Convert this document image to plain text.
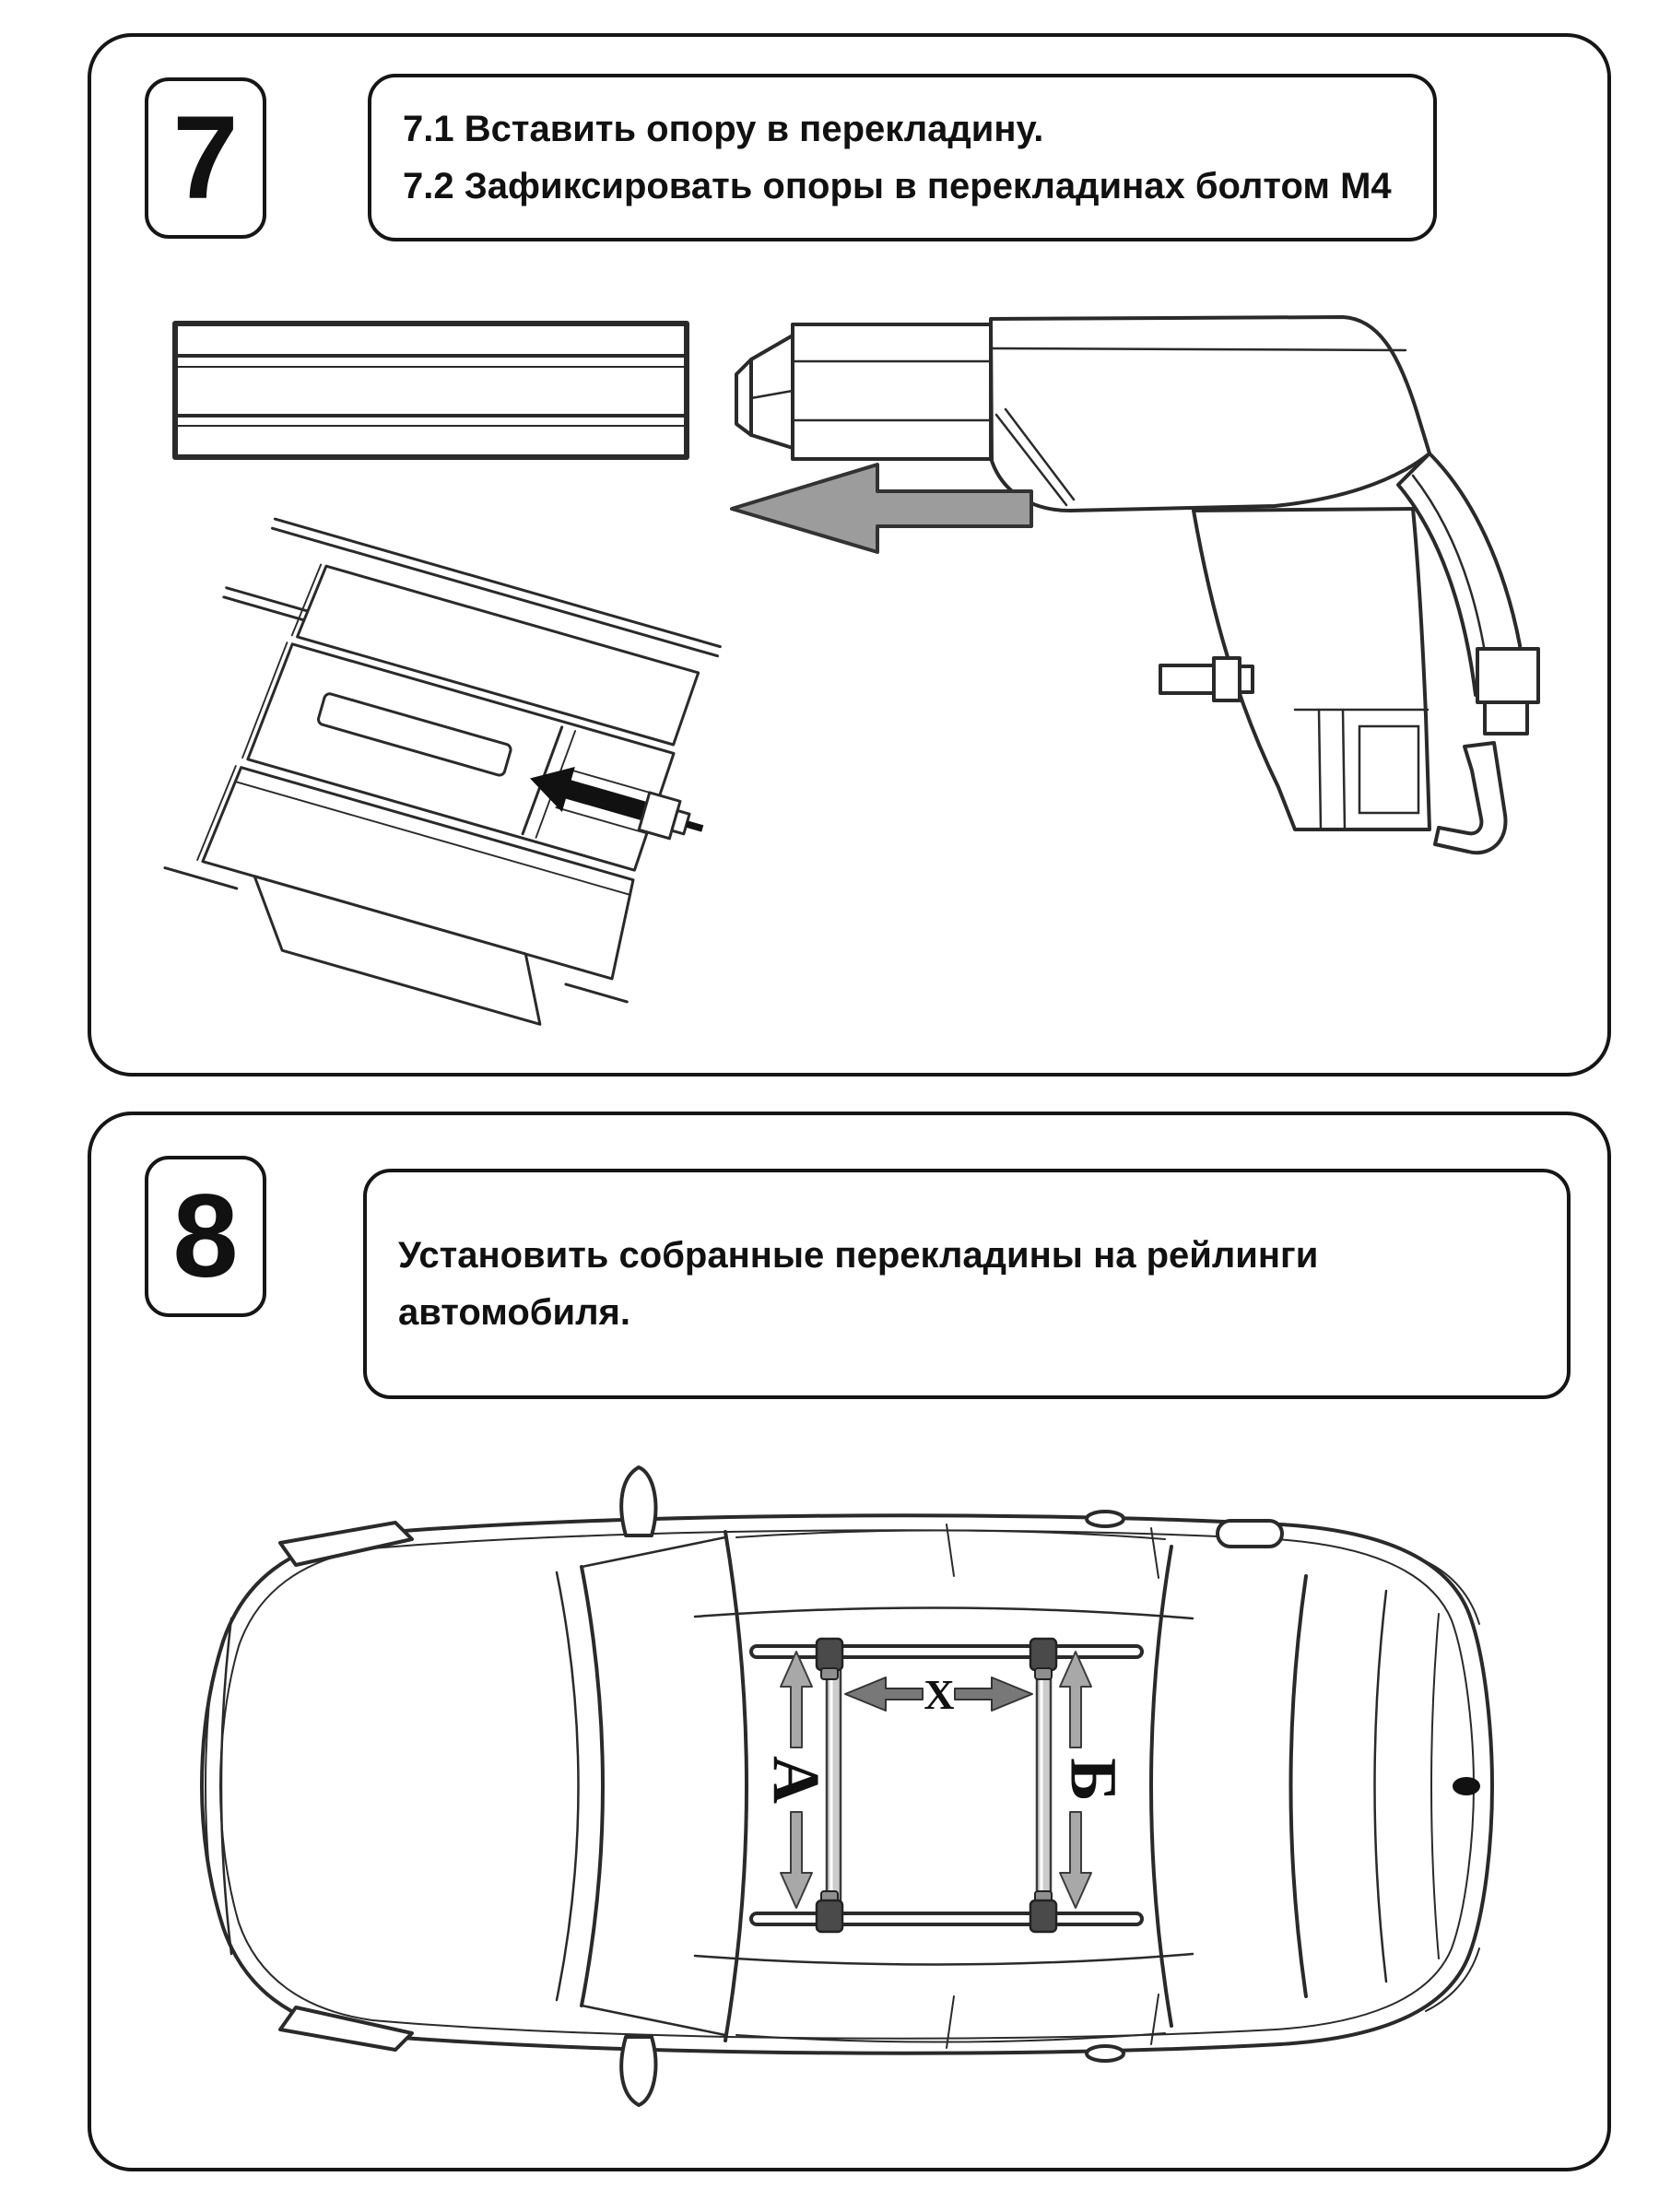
7	7.1 Вставить опору в перекладину.
7.2 Зафиксировать опоры в перекладинах болтом М4
8	Установить собранные перекладины на рейлинги
автомобиля.
X
А	Б
